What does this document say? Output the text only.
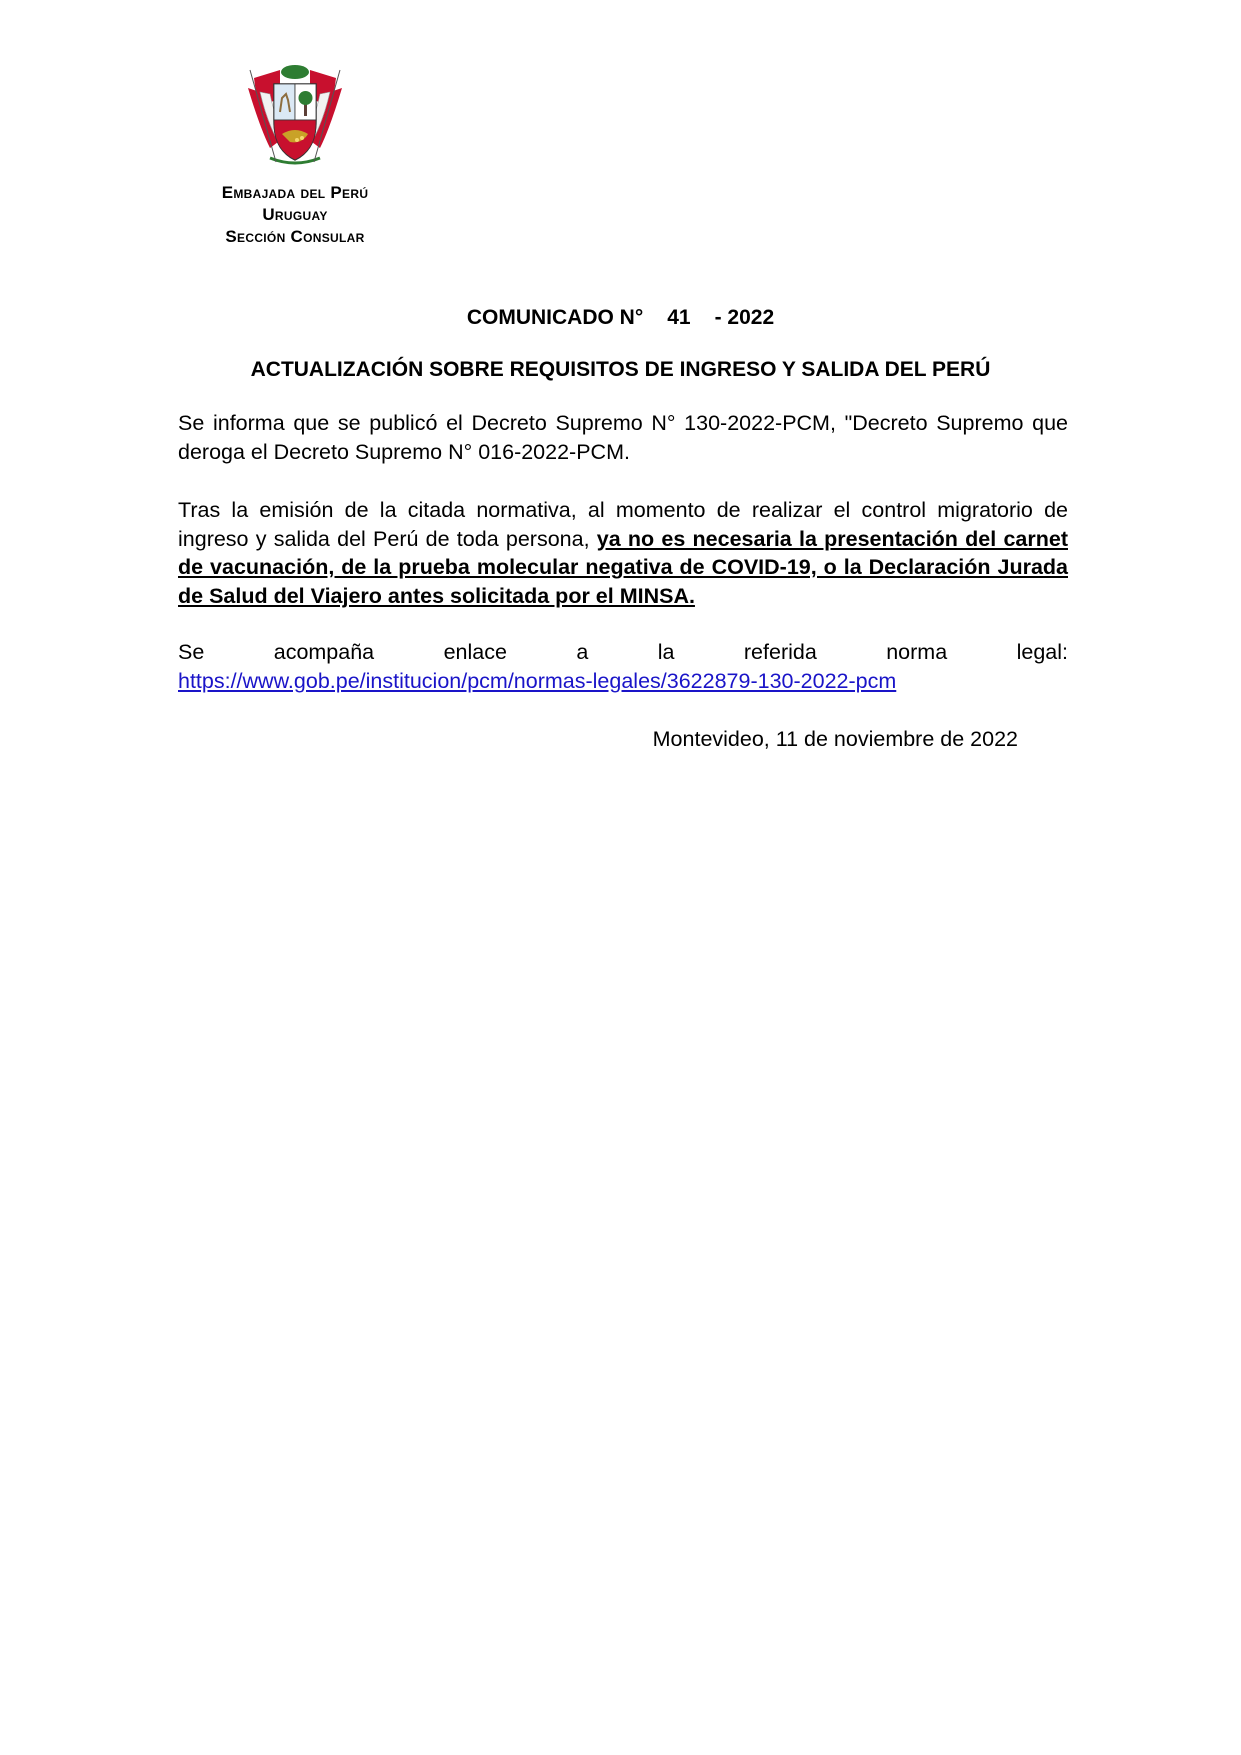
Embajada del Perú

Uruguay

Sección Consular

COMUNICADO N° 41 - 2022

ACTUALIZACIÓN SOBRE REQUISITOS DE INGRESO Y SALIDA DEL PERÚ

Se informa que se publicó el Decreto Supremo N° 130-2022-PCM, "Decreto Supremo que deroga el Decreto Supremo N° 016-2022-PCM.

Tras la emisión de la citada normativa, al momento de realizar el control migratorio de ingreso y salida del Perú de toda persona, ya no es necesaria la presentación del carnet de vacunación, de la prueba molecular negativa de COVID-19, o la Declaración Jurada de Salud del Viajero antes solicitada por el MINSA.

Se	acompaña	enlace	a	la	referida	norma	legal:
https://www.gob.pe/institucion/pcm/normas-legales/3622879-130-2022-pcm

Montevideo, 11 de noviembre de 2022
